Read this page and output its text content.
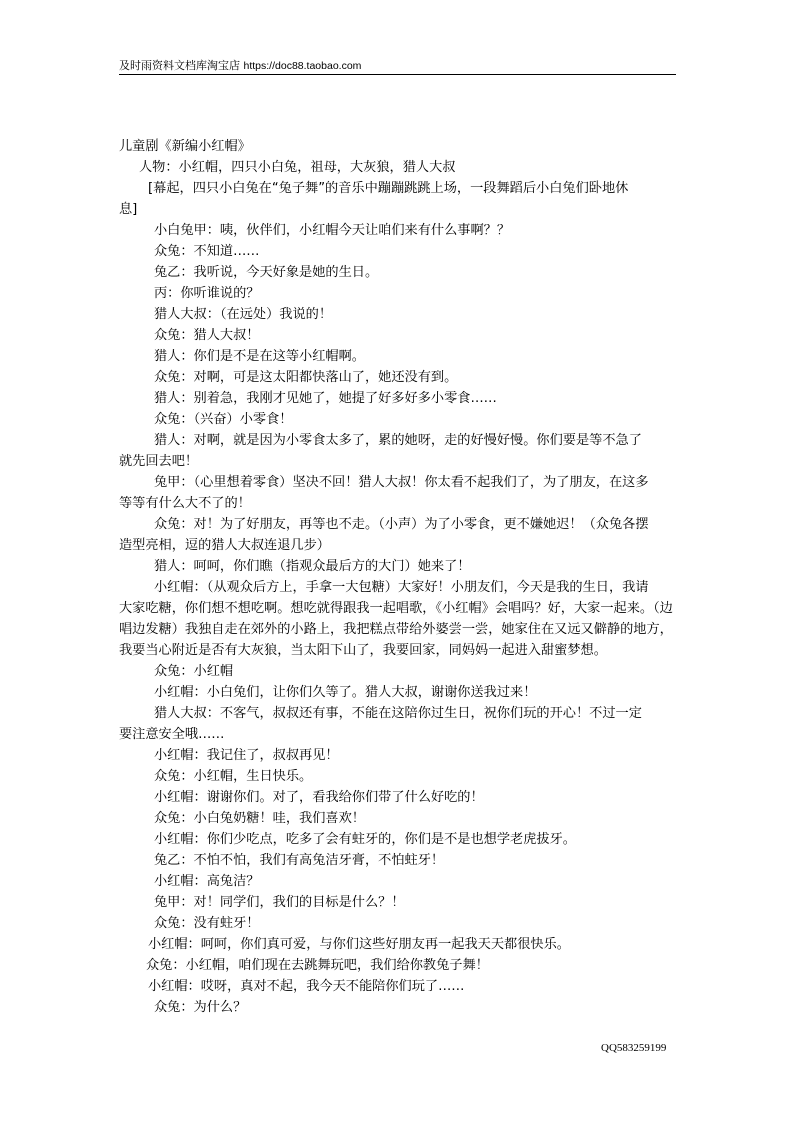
及时雨资料文档库淘宝店 https://doc88.taobao.com
儿童剧《新编小红帽》
人物：小红帽，四只小白兔，祖母，大灰狼，猎人大叔
[幕起，四只小白兔在“兔子舞”的音乐中蹦蹦跳跳上场，一段舞蹈后小白兔们卧地休
息]
小白兔甲：咦，伙伴们，小红帽今天让咱们来有什么事啊？？
众兔：不知道……
兔乙：我听说，今天好象是她的生日。
丙：你听谁说的？
猎人大叔：（在远处）我说的！
众兔：猎人大叔！
猎人：你们是不是在这等小红帽啊。
众兔：对啊，可是这太阳都快落山了，她还没有到。
猎人：别着急，我刚才见她了，她提了好多好多小零食……
众兔：（兴奋）小零食！
猎人：对啊，就是因为小零食太多了，累的她呀，走的好慢好慢。你们要是等不急了
就先回去吧！
兔甲：（心里想着零食）坚决不回！猎人大叔！你太看不起我们了，为了朋友，在这多
等等有什么大不了的！
众兔：对！为了好朋友，再等也不走。（小声）为了小零食，更不嫌她迟！（众兔各摆
造型亮相，逗的猎人大叔连退几步）
猎人：呵呵，你们瞧（指观众最后方的大门）她来了！
小红帽：（从观众后方上，手拿一大包糖）大家好！小朋友们，今天是我的生日，我请
大家吃糖，你们想不想吃啊。想吃就得跟我一起唱歌，《小红帽》会唱吗？好，大家一起来。（边唱边发糖）我独自走在郊外的小路上，我把糕点带给外婆尝一尝，她家住在又远又僻静的地方，我要当心附近是否有大灰狼，当太阳下山了，我要回家，同妈妈一起进入甜蜜梦想。
众兔：小红帽
小红帽：小白兔们，让你们久等了。猎人大叔，谢谢你送我过来！
猎人大叔：不客气，叔叔还有事，不能在这陪你过生日，祝你们玩的开心！不过一定
要注意安全哦……
小红帽：我记住了，叔叔再见！
众兔：小红帽，生日快乐。
小红帽：谢谢你们。对了，看我给你们带了什么好吃的！
众兔：小白兔奶糖！哇，我们喜欢！
小红帽：你们少吃点，吃多了会有蛀牙的，你们是不是也想学老虎拔牙。
兔乙：不怕不怕，我们有高兔洁牙膏，不怕蛀牙！
小红帽：高兔洁？
兔甲：对！同学们，我们的目标是什么？！
众兔：没有蛀牙！
小红帽：呵呵，你们真可爱，与你们这些好朋友再一起我天天都很快乐。
众兔：小红帽，咱们现在去跳舞玩吧，我们给你教兔子舞！
小红帽：哎呀，真对不起，我今天不能陪你们玩了……
众兔：为什么？
QQ583259199
